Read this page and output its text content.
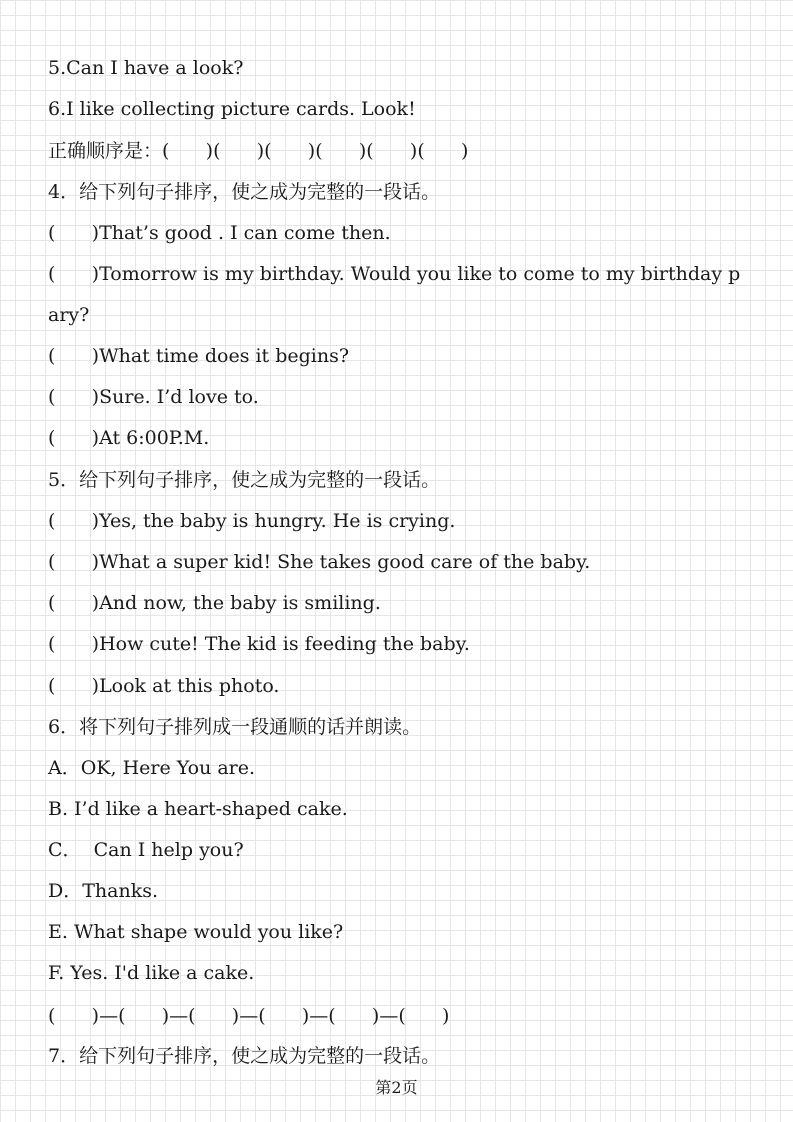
5.Can I have a look?
6.I like collecting picture cards. Look!
正确顺序是：(      )(      )(      )(      )(      )(      )
4．给下列句子排序，使之成为完整的一段话。
(      )That’s good . I can come then.
(      )Tomorrow is my birthday. Would you like to come to my birthday p
ary?
(      )What time does it begins?
(      )Sure. I’d love to.
(      )At 6:00P.M.
5．给下列句子排序，使之成为完整的一段话。
(      )Yes, the baby is hungry. He is crying.
(      )What a super kid! She takes good care of the baby.
(      )And now, the baby is smiling.
(      )How cute! The kid is feeding the baby.
(      )Look at this photo.
6．将下列句子排列成一段通顺的话并朗读。
A．OK, Here You are.
B. I’d like a heart-shaped cake.
C．  Can I help you?
D．Thanks.
E. What shape would you like?
F. Yes. I'd like a cake.
(      )—(      )—(      )—(      )—(      )—(      )
7．给下列句子排序，使之成为完整的一段话。
第2页
